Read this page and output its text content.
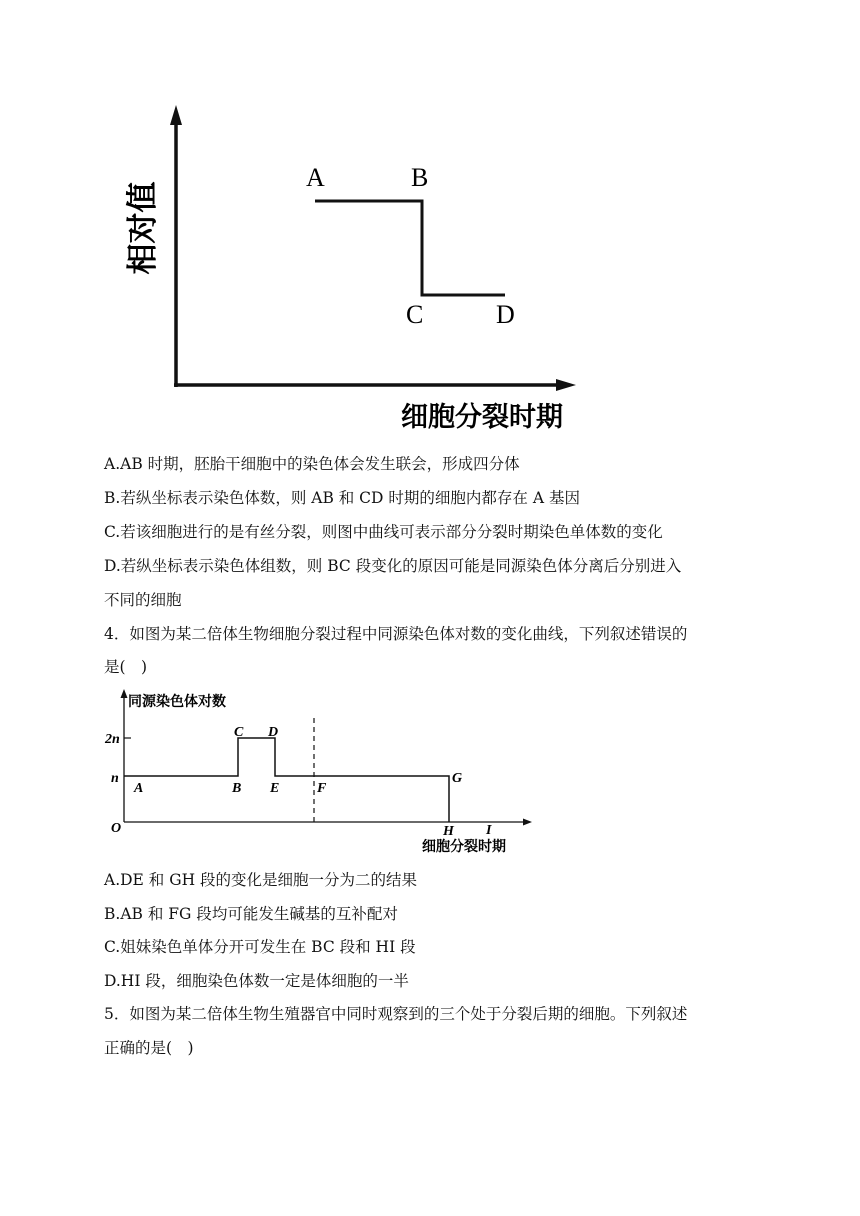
A	B
C	D
相对值
细胞分裂时期
A.AB 时期，胚胎干细胞中的染色体会发生联会，形成四分体
B.若纵坐标表示染色体数，则 AB 和 CD 时期的细胞内都存在 A 基因
C.若该细胞进行的是有丝分裂，则图中曲线可表示部分分裂时期染色单体数的变化
D.若纵坐标表示染色体组数，则 BC 段变化的原因可能是同源染色体分离后分别进入
不同的细胞
4．如图为某二倍体生物细胞分裂过程中同源染色体对数的变化曲线，下列叙述错误的
是(　)
同源染色体对数
2n
n
O
A	B
C D
E	F
G
H I
细胞分裂时期
A.DE 和 GH 段的变化是细胞一分为二的结果
B.AB 和 FG 段均可能发生碱基的互补配对
C.姐妹染色单体分开可发生在 BC 段和 HI 段
D.HI 段，细胞染色体数一定是体细胞的一半
5．如图为某二倍体生物生殖器官中同时观察到的三个处于分裂后期的细胞。下列叙述
正确的是(　)
